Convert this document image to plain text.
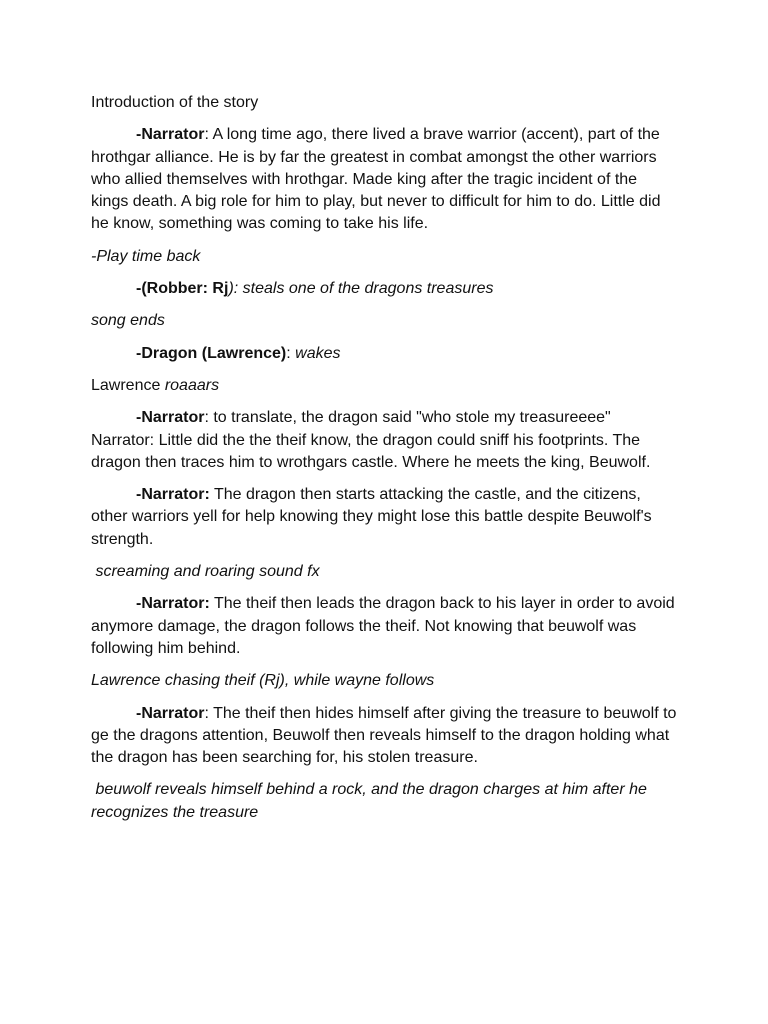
Introduction of the story

-Narrator: A long time ago, there lived a brave warrior (accent), part of the hrothgar alliance. He is by far the greatest in combat amongst the other warriors who allied themselves with hrothgar. Made king after the tragic incident of the kings death. A big role for him to play, but never to difficult for him to do. Little did he know, something was coming to take his life.

-Play time back

-(Robber: Rj): steals one of the dragons treasures

song ends

-Dragon (Lawrence): wakes

Lawrence roaaars

-Narrator: to translate, the dragon said "who stole my treasureeee" Narrator: Little did the the theif know, the dragon could sniff his footprints. The dragon then traces him to wrothgars castle. Where he meets the king, Beuwolf.

-Narrator: The dragon then starts attacking the castle, and the citizens, other warriors yell for help knowing they might lose this battle despite Beuwolf's strength.

screaming and roaring sound fx

-Narrator: The theif then leads the dragon back to his layer in order to avoid anymore damage, the dragon follows the theif. Not knowing that beuwolf was following him behind.

Lawrence chasing theif (Rj), while wayne follows

-Narrator: The theif then hides himself after giving the treasure to beuwolf to ge the dragons attention, Beuwolf then reveals himself to the dragon holding what the dragon has been searching for, his stolen treasure.

beuwolf reveals himself behind a rock, and the dragon charges at him after he recognizes the treasure
